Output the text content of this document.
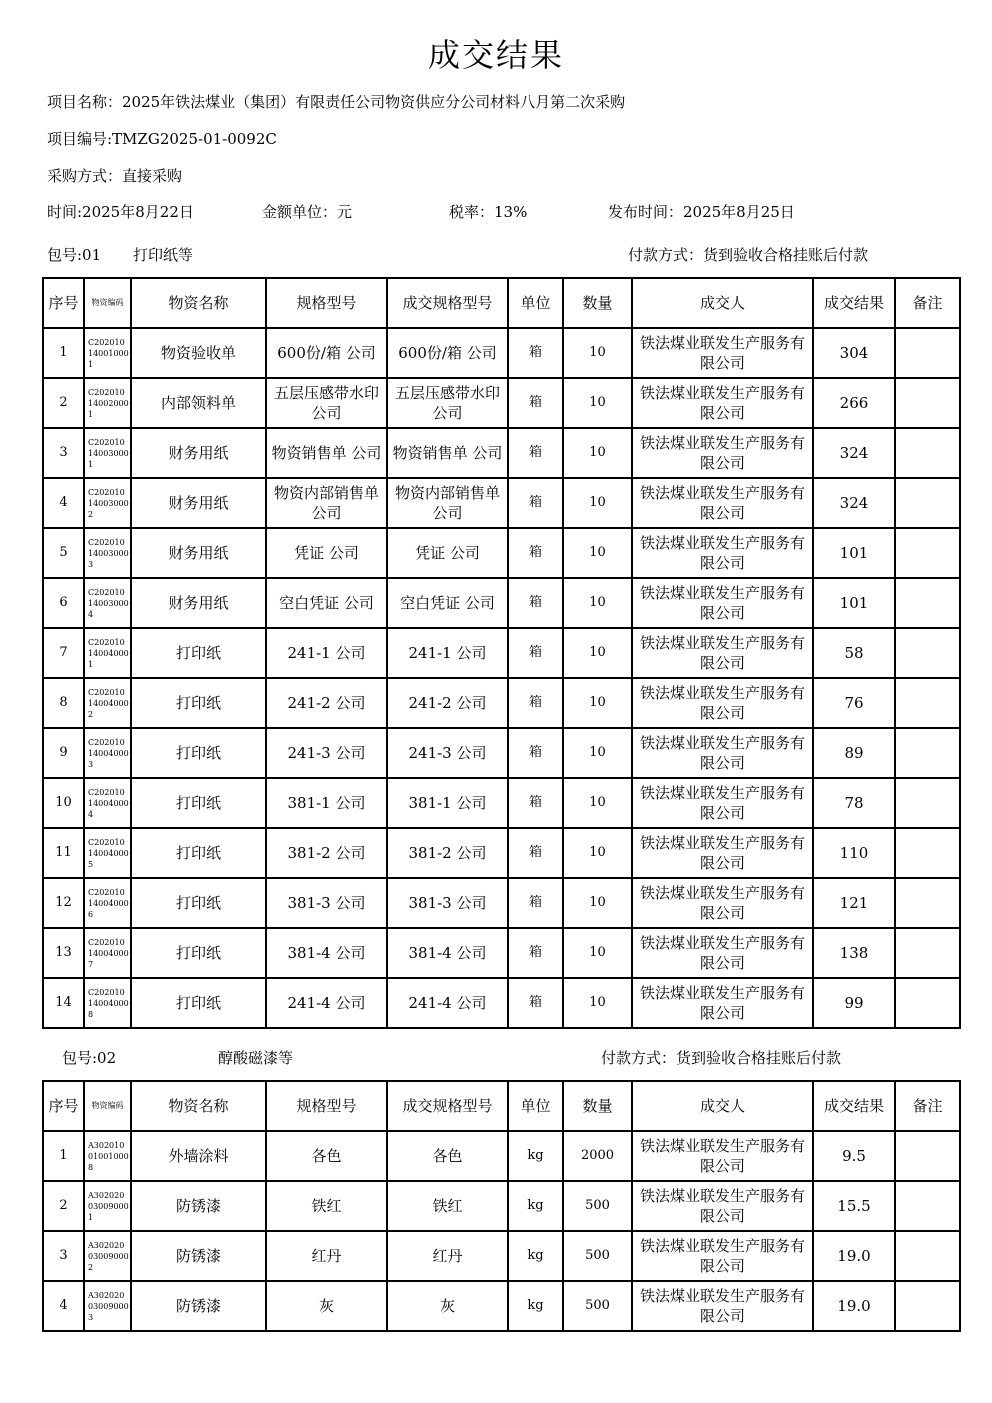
成交结果
项目名称：2025年铁法煤业（集团）有限责任公司物资供应分公司材料八月第二次采购
项目编号:TMZG2025-01-0092C
采购方式：直接采购
时间:2025年8月22日	金额单位：元	税率：13%	发布时间：2025年8月25日
包号:01 打印纸等	付款方式：货到验收合格挂账后付款
序号	物资编码	物资名称	规格型号	成交规格型号	单位	数量	成交人	成交结果	备注
1	C202010140010001	物资验收单	600份/箱 公司	600份/箱 公司	箱	10	铁法煤业联发生产服务有限公司	304	
2	C202010140020001	内部领料单	五层压感带水印 公司	五层压感带水印 公司	箱	10	铁法煤业联发生产服务有限公司	266	
3	C202010140030001	财务用纸	物资销售单 公司	物资销售单 公司	箱	10	铁法煤业联发生产服务有限公司	324	
4	C202010140030002	财务用纸	物资内部销售单 公司	物资内部销售单 公司	箱	10	铁法煤业联发生产服务有限公司	324	
5	C202010140030003	财务用纸	凭证 公司	凭证 公司	箱	10	铁法煤业联发生产服务有限公司	101	
6	C202010140030004	财务用纸	空白凭证 公司	空白凭证 公司	箱	10	铁法煤业联发生产服务有限公司	101	
7	C202010140040001	打印纸	241-1 公司	241-1 公司	箱	10	铁法煤业联发生产服务有限公司	58	
8	C202010140040002	打印纸	241-2 公司	241-2 公司	箱	10	铁法煤业联发生产服务有限公司	76	
9	C202010140040003	打印纸	241-3 公司	241-3 公司	箱	10	铁法煤业联发生产服务有限公司	89	
10	C202010140040004	打印纸	381-1 公司	381-1 公司	箱	10	铁法煤业联发生产服务有限公司	78	
11	C202010140040005	打印纸	381-2 公司	381-2 公司	箱	10	铁法煤业联发生产服务有限公司	110	
12	C202010140040006	打印纸	381-3 公司	381-3 公司	箱	10	铁法煤业联发生产服务有限公司	121	
13	C202010140040007	打印纸	381-4 公司	381-4 公司	箱	10	铁法煤业联发生产服务有限公司	138	
14	C202010140040008	打印纸	241-4 公司	241-4 公司	箱	10	铁法煤业联发生产服务有限公司	99	
包号:02	醇酸磁漆等	付款方式：货到验收合格挂账后付款
序号	物资编码	物资名称	规格型号	成交规格型号	单位	数量	成交人	成交结果	备注
1	A302010010010008	外墙涂料	各色	各色	kg	2000	铁法煤业联发生产服务有限公司	9.5	
2	A302020030090001	防锈漆	铁红	铁红	kg	500	铁法煤业联发生产服务有限公司	15.5	
3	A302020030090002	防锈漆	红丹	红丹	kg	500	铁法煤业联发生产服务有限公司	19.0	
4	A302020030090003	防锈漆	灰	灰	kg	500	铁法煤业联发生产服务有限公司	19.0	
